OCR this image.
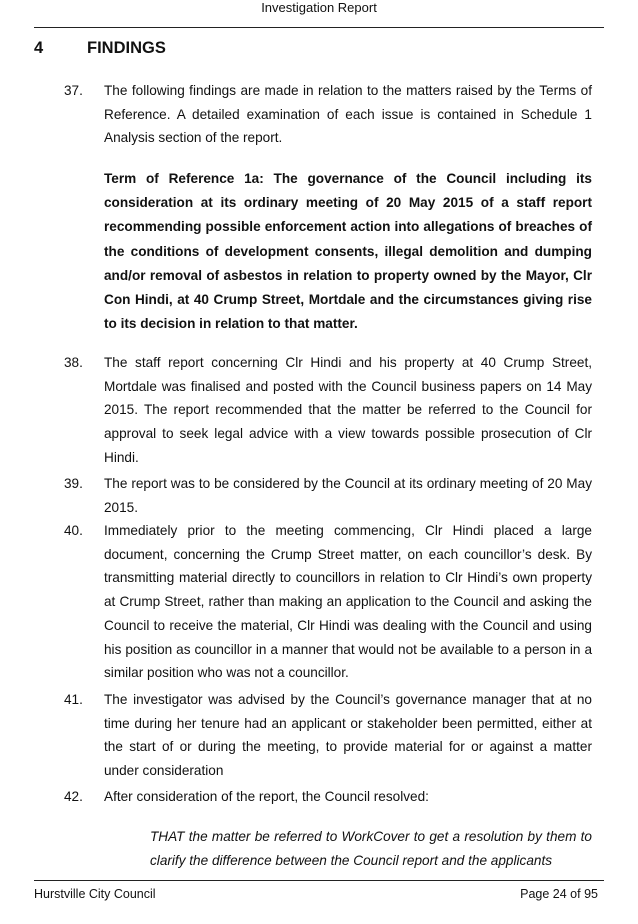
Investigation Report
4	FINDINGS
37.	The following findings are made in relation to the matters raised by the Terms of Reference. A detailed examination of each issue is contained in Schedule 1 Analysis section of the report.
Term of Reference 1a: The governance of the Council including its consideration at its ordinary meeting of 20 May 2015 of a staff report recommending possible enforcement action into allegations of breaches of the conditions of development consents, illegal demolition and dumping and/or removal of asbestos in relation to property owned by the Mayor, Clr Con Hindi, at 40 Crump Street, Mortdale and the circumstances giving rise to its decision in relation to that matter.
38.	The staff report concerning Clr Hindi and his property at 40 Crump Street, Mortdale was finalised and posted with the Council business papers on 14 May 2015. The report recommended that the matter be referred to the Council for approval to seek legal advice with a view towards possible prosecution of Clr Hindi.
39.	The report was to be considered by the Council at its ordinary meeting of 20 May 2015.
40.	Immediately prior to the meeting commencing, Clr Hindi placed a large document, concerning the Crump Street matter, on each councillor’s desk. By transmitting material directly to councillors in relation to Clr Hindi’s own property at Crump Street, rather than making an application to the Council and asking the Council to receive the material, Clr Hindi was dealing with the Council and using his position as councillor in a manner that would not be available to a person in a similar position who was not a councillor.
41.	The investigator was advised by the Council’s governance manager that at no time during her tenure had an applicant or stakeholder been permitted, either at the start of or during the meeting, to provide material for or against a matter under consideration
42.	After consideration of the report, the Council resolved:
THAT the matter be referred to WorkCover to get a resolution by them to clarify the difference between the Council report and the applicants
Hurstville City Council	Page 24 of 95
